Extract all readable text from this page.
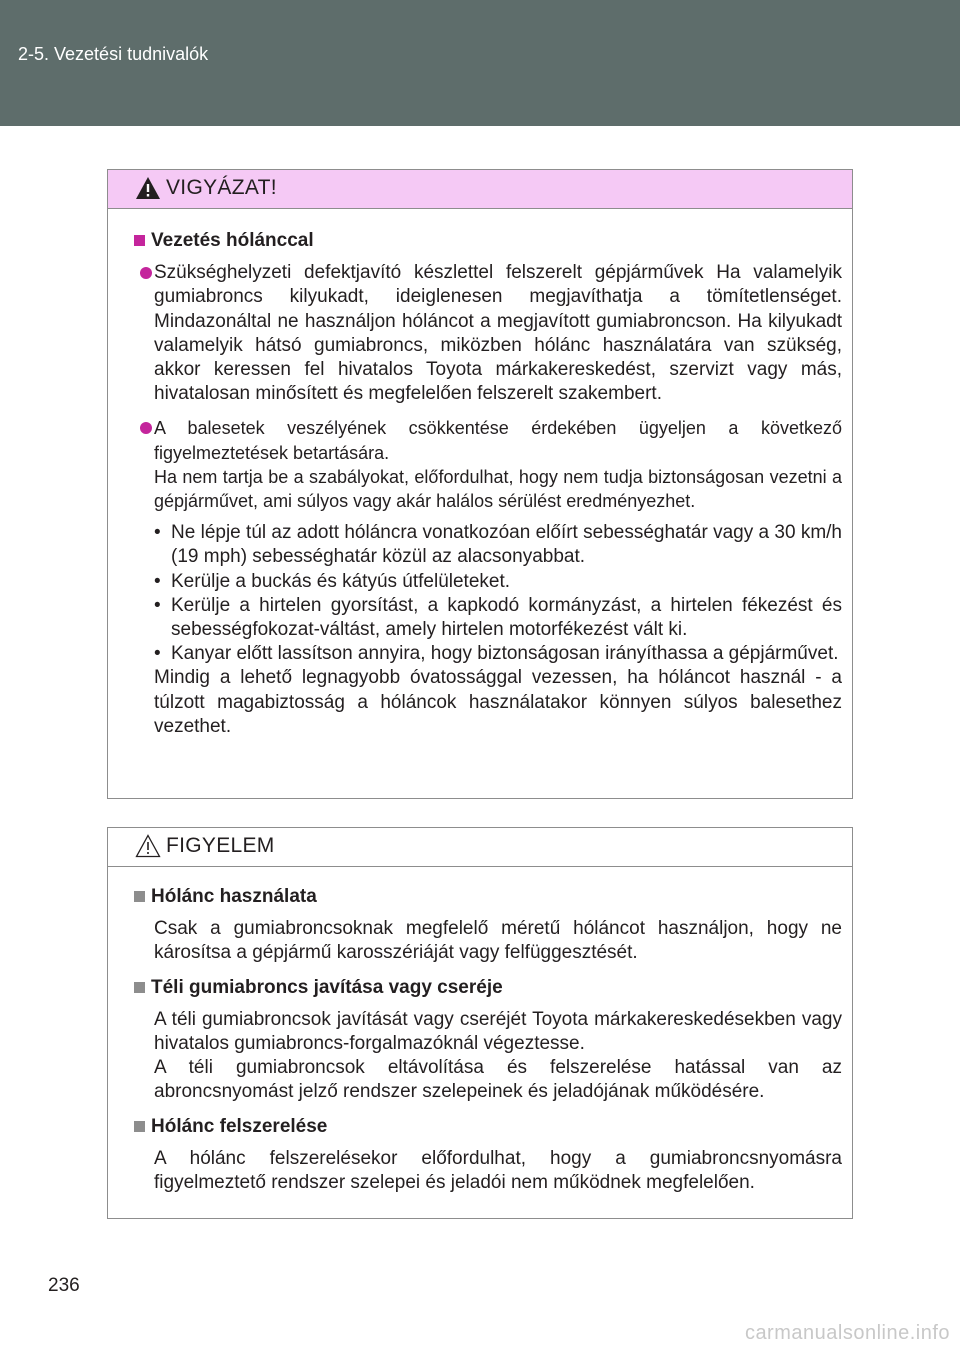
2-5. Vezetési tudnivalók
VIGYÁZAT!
Vezetés hólánccal
Szükséghelyzeti defektjavító készlettel felszerelt gépjárművek Ha valamelyik gumiabroncs kilyukadt, ideiglenesen megjavíthatja a tömítetlenséget. Mindazonáltal ne használjon hóláncot a megjavított gumiabroncson. Ha kilyukadt valamelyik hátsó gumiabroncs, miközben hólánc használatára van szükség, akkor keressen fel hivatalos Toyota márkakereskedést, szervizt vagy más, hivatalosan minősített és megfelelően felszerelt szakembert.
A balesetek veszélyének csökkentése érdekében ügyeljen a következő figyelmeztetések betartására.
Ha nem tartja be a szabályokat, előfordulhat, hogy nem tudja biztonságosan vezetni a gépjárművet, ami súlyos vagy akár halálos sérülést eredményezhet.
• Ne lépje túl az adott hóláncra vonatkozóan előírt sebességhatár vagy a 30 km/h (19 mph) sebességhatár közül az alacsonyabbat.
• Kerülje a buckás és kátyús útfelületeket.
• Kerülje a hirtelen gyorsítást, a kapkodó kormányzást, a hirtelen fékezést és sebességfokozat-váltást, amely hirtelen motorfékezést vált ki.
• Kanyar előtt lassítson annyira, hogy biztonságosan irányíthassa a gépjárművet.
Mindig a lehető legnagyobb óvatossággal vezessen, ha hóláncot használ - a túlzott magabiztosság a hóláncok használatakor könnyen súlyos balesethez vezethet.
FIGYELEM
Hólánc használata
Csak a gumiabroncsoknak megfelelő méretű hóláncot használjon, hogy ne károsítsa a gépjármű karosszériáját vagy felfüggesztését.
Téli gumiabroncs javítása vagy cseréje
A téli gumiabroncsok javítását vagy cseréjét Toyota márkakereskedésekben vagy hivatalos gumiabroncs-forgalmazóknál végeztesse.
A téli gumiabroncsok eltávolítása és felszerelése hatással van az abroncsnyomást jelző rendszer szelepeinek és jeladójának működésére.
Hólánc felszerelése
A hólánc felszerelésekor előfordulhat, hogy a gumiabroncsnyomásra figyelmeztető rendszer szelepei és jeladói nem működnek megfelelően.
236
carmanualsonline.info
